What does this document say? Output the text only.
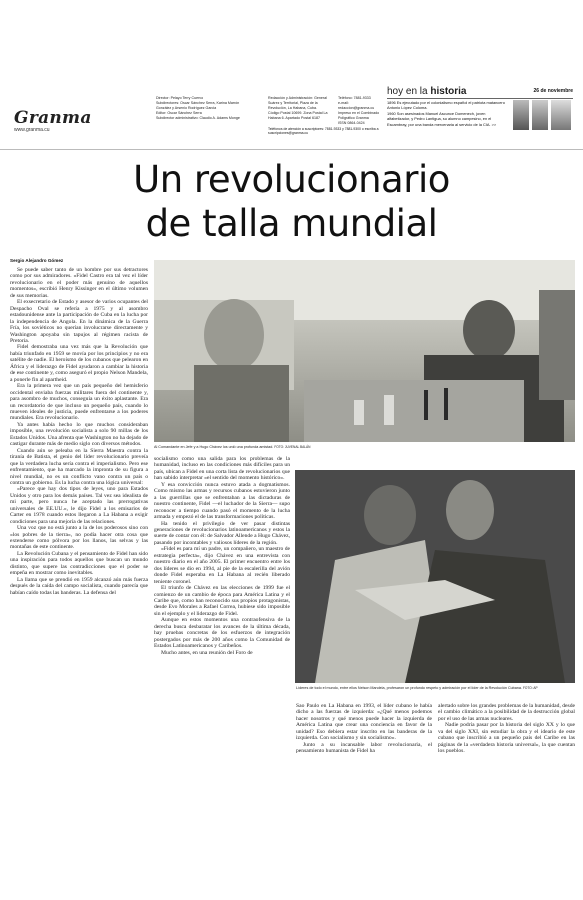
Granma
www.granma.cu
Director: Pelayo Terry Cuervo
Subdirectores: Oscar Sánchez Serra, Karina Marrón
González y Arsenio Rodríguez Garcia
Editor: Oscar Sánchez Serra
Subdirector administrativo: Claudio A. Adams Monge
Redacción y Administración: General
Suárez y Territorial, Plaza de la
Revolución, La Habana, Cuba.
Código Postal 10699. Zona Postal La
Habana 6. Apartado Postal 6187
Teléfono: 7881-9333
e-mail: redaccion@granma.cu
Impreso en el Combinado
Poligráfico Granma
ISSN 0864-0424
Teléfonos de atención a suscriptores: 7881-9333 y 7881-9300 o escriba a suscripciones@granma.cu
hoy en la historia	26 de noviembre
1896 Es ejecutado por el colonialismo español el patriota matancero Antonio López Coloma.
1960 Son asesinados Manuel Ascunce Domenech, joven alfabetizador, y Pedro Lantigua, su alumno campesino, en el Escambray, por una banda mercenaria al servicio de la CIA. >>
Un revolucionario
de talla mundial
Sergio Alejandro Gómez

Se puede saber tanto de un hombre por sus detractores como por sus admiradores. «Fidel Castro era tal vez el líder revolucionario en el poder más genuino de aquellos momentos», escribió Henry Kissinger en el último volumen de sus memorias.

El exsecretario de Estado y asesor de varios ocupantes del Despacho Oval se refería a 1975 y al asombro estadounidense ante la participación de Cuba en la lucha por la independencia de Angola. En la dinámica de la Guerra Fría, los soviéticos no querían involucrarse directamente y Washington apoyaba sin tapujos al régimen racista de Pretoria.

Fidel demostraba una vez más que la Revolución que había triunfado en 1959 se movía por los principios y no era satélite de nadie. El heroísmo de los cubanos que pelearon en África y el liderazgo de Fidel ayudaron a cambiar la historia de ese continente y, como aseguró el propio Nelson Mandela, a ponerle fin al apartheid.

Era la primera vez que un país pequeño del hemisferio occidental enviaba fuerzas militares fuera del continente y, para asombro de muchos, conseguía un éxito aplastante. Era un recordatorio de que incluso un pequeño país, cuando lo mueven ideales de justicia, puede enfrentarse a los poderes mundiales. Era revolucionario.

Ya antes había hecho lo que muchos consideraban imposible, una revolución socialista a solo 90 millas de los Estados Unidos. Una afrenta que Washington no ha dejado de castigar durante más de medio siglo con diversos métodos.

Cuando aún se peleaba en la Sierra Maestra contra la tiranía de Batista, el genio del líder revolucionario preveía que la verdadera lucha sería contra el imperialismo. Pero ese enfrentamiento, que ha marcado la impronta de su figura a nivel mundial, no es un conflicto vano contra un país o contra un gobierno. Es la lucha contra una lógica universal:

«Parece que hay dos tipos de leyes, uno para Estados Unidos y otro para los demás países. Tal vez sea idealista de mi parte, pero nunca he aceptado las prerrogativas universales de EE.UU.», le dijo Fidel a los emisarios de Carter en 1978 cuando estos llegaron a La Habana a exigir condiciones para una mejoría de las relaciones.

Una voz que no está junto a la de los poderosos sino con «los pobres de la tierra», no podía hacer otra cosa que extenderse como pólvora por los llanos, las selvas y las montañas de este continente.

La Revolución Cubana y el pensamiento de Fidel han sido una inspiración para todos aquellos que buscan un mundo distinto, que supere las contradicciones que el poder se empeña en mostrar como inevitables.

La llama que se prendió en 1959 alcanzó aún más fuerza después de la caída del campo socialista, cuando parecía que habían caído todas las banderas. La defensa del

Al Comandante en Jefe y a Hugo Chávez los unió una profunda amistad. FOTO: JUVENAL BALÁN

socialismo como una salida para los problemas de la humanidad, incluso en las condiciones más difíciles para un país, ubican a Fidel en una corta lista de revolucionarios que han sabido interpretar «el sentido del momento histórico».

Y esa convicción nunca estuvo atada a dogmatismos. Como mismo las armas y recursos cubanos estuvieron junto a las guerrillas que se enfrentaban a las dictaduras de nuestro continente, Fidel —el luchador de la Sierra— supo reconocer a tiempo cuando pasó el momento de la lucha armada y empezó el de las transformaciones políticas.

Ha tenido el privilegio de ver pasar distintas generaciones de revolucionarios latinoamericanos y estos la suerte de contar con él: de Salvador Allende a Hugo Chávez, pasando por incontables y valiosos líderes de la región.

«Fidel es para mí un padre, un compañero, un maestro de estrategia perfecta», dijo Chávez en una entrevista con nuestro diario en el año 2005. El primer encuentro entre los dos líderes se dio en 1994, al pie de la escalerilla del avión donde Fidel esperaba en La Habana al recién liberado teniente coronel.

El triunfo de Chávez en las elecciones de 1999 fue el comienzo de un cambio de época para América Latina y el Caribe que, como han reconocido sus propios protagonistas, desde Evo Morales a Rafael Correa, hubiese sido imposible sin el ejemplo y el liderazgo de Fidel.

Aunque en estos momentos una contraofensiva de la derecha busca desbaratar los avances de la última década, hay pruebas concretas de los esfuerzos de integración postergados por más de 200 años como la Comunidad de Estados Latinoamericanos y Caribeños.

Mucho antes, en una reunión del Foro de

Líderes de todo el mundo, entre ellos Nelson Mandela, profesaron un profundo respeto y admiración por el líder de la Revolución Cubana. FOTO: AP

Sao Paulo en La Habana en 1993, el líder cubano le había dicho a las fuerzas de izquierda: «¿Qué menos podemos hacer nosotros y qué menos puede hacer la izquierda de América Latina que crear una conciencia en favor de la unidad? Eso debiera estar inscrito en las banderas de la izquierda. Con socialismo y sin socialismo».

Junto a su incansable labor revolucionaria, el pensamiento humanista de Fidel ha

alertado sobre los grandes problemas de la humanidad, desde el cambio climático a la posibilidad de la destrucción global por el uso de las armas nucleares.

Nadie podría pasar por la historia del siglo XX y lo que va del siglo XXI, sin estudiar la obra y el ideario de este cubano que inscribió a un pequeño país del Caribe en las páginas de la «verdadera historia universal», la que cuentan los pueblos.
